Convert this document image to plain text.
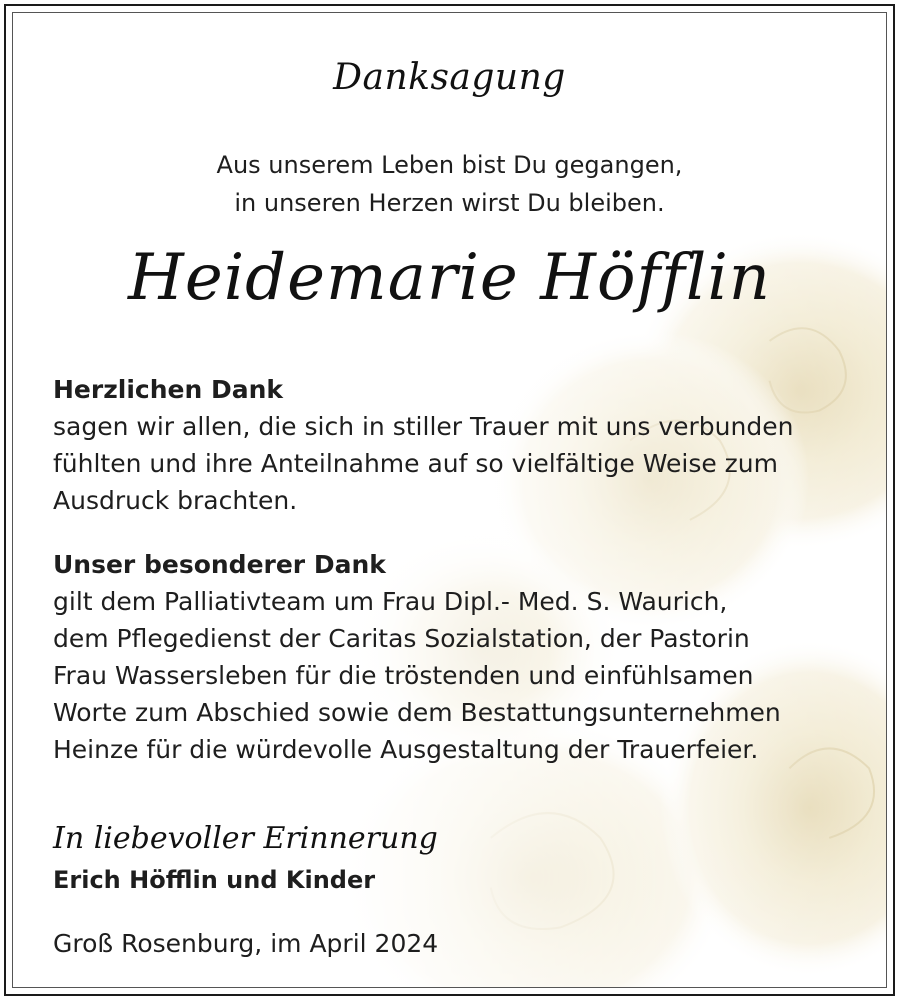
Danksagung
Aus unserem Leben bist Du gegangen,
in unseren Herzen wirst Du bleiben.
Heidemarie Höfflin
Herzlichen Dank
sagen wir allen, die sich in stiller Trauer mit uns verbunden
fühlten und ihre Anteilnahme auf so vielfältige Weise zum
Ausdruck brachten.
Unser besonderer Dank
gilt dem Palliativteam um Frau Dipl.- Med. S. Waurich,
dem Pflegedienst der Caritas Sozialstation, der Pastorin
Frau Wassersleben für die tröstenden und einfühlsamen
Worte zum Abschied sowie dem Bestattungsunternehmen
Heinze für die würdevolle Ausgestaltung der Trauerfeier.
In liebevoller Erinnerung
Erich Höfflin und Kinder
Groß Rosenburg, im April 2024
